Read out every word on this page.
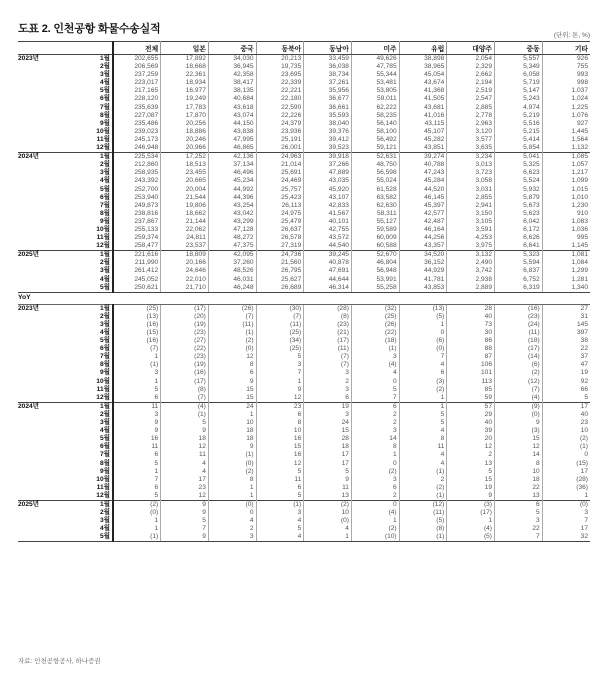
도표 2. 인천공항 화물수송실적
(단위: 톤, %)
		전체	일본	중국	동북아	동남아	미주	유럽	대양주	중동	기타
2023년	1월	202,655	17,892	34,030	20,213	33,459	49,626	38,898	2,054	5,557	926
	2월	206,569	18,668	36,945	19,735	36,038	47,785	38,965	2,329	5,349	755
	3월	237,259	22,361	42,358	23,695	38,734	55,344	45,054	2,662	6,058	993
	4월	223,017	18,934	38,417	22,339	37,261	53,481	43,674	2,194	5,719	998
	5월	217,165	16,977	38,135	22,221	35,956	53,805	41,368	2,519	5,147	1,037
	6월	228,120	19,249	40,684	22,180	36,677	59,011	41,505	2,547	5,243	1,024
	7월	235,639	17,783	43,618	22,590	36,661	62,222	43,681	2,885	4,974	1,225
	8월	227,087	17,870	43,074	22,226	35,593	58,235	41,016	2,778	5,219	1,076
	9월	235,486	20,256	44,150	24,379	38,040	56,140	43,115	2,963	5,516	927
	10월	239,023	18,886	43,838	23,936	39,376	58,100	45,107	3,120	5,215	1,445
	11월	245,173	20,246	47,995	25,191	39,412	56,492	45,282	3,577	5,414	1,564
	12월	246,948	20,966	46,865	26,001	39,523	59,121	43,851	3,635	5,854	1,132
2024년	1월	225,534	17,252	42,136	24,963	39,918	52,631	39,274	3,234	5,041	1,085
	2월	212,860	18,513	37,134	21,014	37,266	48,750	40,788	3,013	5,325	1,057
	3월	258,935	23,455	46,496	25,691	47,889	56,598	47,243	3,723	6,623	1,217
	4월	243,392	20,665	45,234	24,469	43,035	55,024	45,284	3,058	5,524	1,099
	5월	252,700	20,004	44,992	25,757	45,920	61,528	44,520	3,031	5,932	1,015
	6월	253,940	21,544	44,396	25,423	43,107	63,582	46,145	2,855	5,879	1,010
	7월	249,873	19,806	43,254	26,113	42,833	62,630	45,397	2,941	5,673	1,230
	8월	238,816	18,662	43,042	24,975	41,567	58,311	42,577	3,150	5,623	910
	9월	237,867	21,144	43,299	25,479	40,101	55,127	42,487	3,105	6,042	1,083
	10월	255,133	22,062	47,128	26,637	42,755	59,589	46,164	3,591	6,172	1,036
	11월	259,374	24,811	48,272	26,578	43,572	60,009	44,256	4,253	6,626	995
	12월	258,477	23,537	47,375	27,319	44,540	60,588	43,357	3,975	6,641	1,145
2025년	1월	221,616	18,809	42,095	24,736	39,245	52,670	34,520	3,132	5,323	1,081
	2월	211,990	20,166	37,260	21,560	40,878	46,804	36,152	2,490	5,594	1,084
	3월	261,412	24,646	48,526	26,795	47,691	56,948	44,929	3,742	6,837	1,299
	4월	245,052	22,010	46,031	25,627	44,644	53,991	41,781	2,938	6,752	1,281
	5월	250,621	21,710	46,248	26,689	46,314	55,258	43,853	2,889	6,319	1,340
YoY											
2023년	1월	(25)	(17)	(26)	(30)	(28)	(32)	(13)	28	(16)	27
	2월	(13)	(20)	(7)	(7)	(8)	(25)	(5)	40	(23)	31
	3월	(16)	(19)	(11)	(11)	(23)	(26)	1	73	(24)	145
	4월	(15)	(23)	(1)	(25)	(21)	(22)	0	30	(11)	397
	5월	(16)	(27)	(2)	(34)	(17)	(18)	(6)	86	(18)	38
	6월	(7)	(22)	(0)	(25)	(11)	(1)	(0)	88	(17)	22
	7월	1	(23)	12	5	(7)	3	7	87	(14)	37
	8월	(1)	(19)	8	3	(7)	(4)	4	106	(6)	47
	9월	3	(16)	6	7	3	4	6	101	(2)	19
	10월	1	(17)	9	1	2	0	(3)	113	(12)	92
	11월	5	(8)	15	9	3	5	(2)	85	(7)	66
	12월	6	(7)	15	12	6	7	1	59	(4)	5
2024년	1월	11	(4)	24	23	19	6	1	57	(9)	17
	2월	3	(1)	1	6	3	2	5	29	(0)	40
	3월	9	5	10	8	24	2	5	40	9	23
	4월	9	9	18	10	15	3	4	39	(3)	10
	5월	16	18	18	16	28	14	8	20	15	(2)
	6월	11	12	9	15	18	8	11	12	12	(1)
	7월	6	11	(1)	16	17	1	4	2	14	0
	8월	5	4	(0)	12	17	0	4	13	8	(15)
	9월	1	4	(2)	5	5	(2)	(1)	5	10	17
	10월	7	17	8	11	9	3	2	15	18	(28)
	11월	6	23	1	6	11	6	(2)	19	22	(36)
	12월	5	12	1	5	13	2	(1)	9	13	1
2025년	1월	(2)	9	(0)	(1)	(2)	0	(12)	(3)	6	(0)
	2월	(0)	9	0	3	10	(4)	(11)	(17)	5	3
	3월	1	5	4	4	(0)	1	(5)	1	3	7
	4월	1	7	2	5	4	(2)	(8)	(4)	22	17
	5월	(1)	9	3	4	1	(10)	(1)	(5)	7	32
자료: 인천공항공사, 하나증권
